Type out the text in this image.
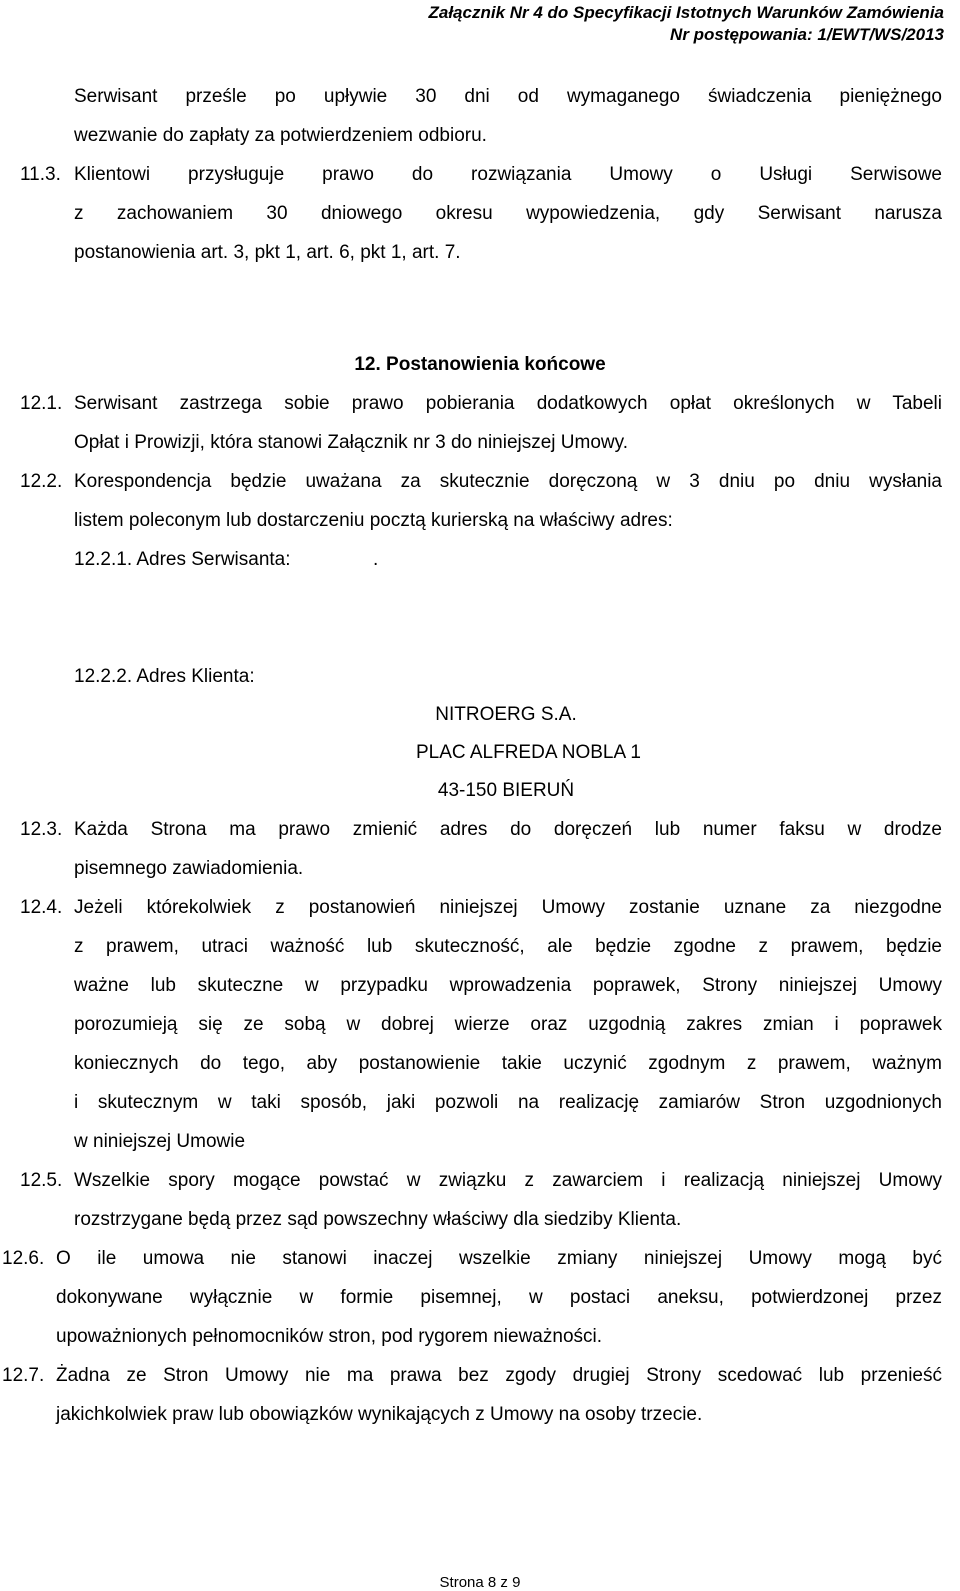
Załącznik Nr 4 do Specyfikacji Istotnych Warunków Zamówienia
Nr postępowania: 1/EWT/WS/2013
Serwisant prześle po upływie 30 dni od wymaganego świadczenia pieniężnego
wezwanie do zapłaty za potwierdzeniem odbioru.
11.3. Klientowi przysługuje prawo do rozwiązania Umowy o Usługi Serwisowe
z zachowaniem 30 dniowego okresu wypowiedzenia, gdy Serwisant narusza
postanowienia art. 3, pkt 1, art. 6, pkt 1, art. 7.
12. Postanowienia końcowe
12.1. Serwisant zastrzega sobie prawo pobierania dodatkowych opłat określonych w Tabeli
Opłat i Prowizji, która stanowi Załącznik nr 3 do niniejszej Umowy.
12.2. Korespondencja będzie uważana za skutecznie doręczoną w 3 dniu po dniu wysłania
listem poleconym lub dostarczeniu pocztą kurierską na właściwy adres:
12.2.1. Adres Serwisanta:	.
12.2.2. Adres Klienta:
NITROERG S.A.
PLAC ALFREDA NOBLA 1
43-150 BIERUŃ
12.3. Każda Strona ma prawo zmienić adres do doręczeń lub numer faksu w drodze
pisemnego zawiadomienia.
12.4. Jeżeli którekolwiek z postanowień niniejszej Umowy zostanie uznane za niezgodne
z prawem, utraci ważność lub skuteczność, ale będzie zgodne z prawem, będzie
ważne lub skuteczne w przypadku wprowadzenia poprawek, Strony niniejszej Umowy
porozumieją się ze sobą w dobrej wierze oraz uzgodnią zakres zmian i poprawek
koniecznych do tego, aby postanowienie takie uczynić zgodnym z prawem, ważnym
i skutecznym w taki sposób, jaki pozwoli na realizację zamiarów Stron uzgodnionych
w niniejszej Umowie
12.5. Wszelkie spory mogące powstać w związku z zawarciem i realizacją niniejszej Umowy
rozstrzygane będą przez sąd powszechny właściwy dla siedziby Klienta.
12.6. O ile umowa nie stanowi inaczej wszelkie zmiany niniejszej Umowy mogą być
dokonywane wyłącznie w formie pisemnej, w postaci aneksu, potwierdzonej przez
upoważnionych pełnomocników stron, pod rygorem nieważności.
12.7. Żadna ze Stron Umowy nie ma prawa bez zgody drugiej Strony scedować lub przenieść
jakichkolwiek praw lub obowiązków wynikających z Umowy na osoby trzecie.
Strona 8 z 9
